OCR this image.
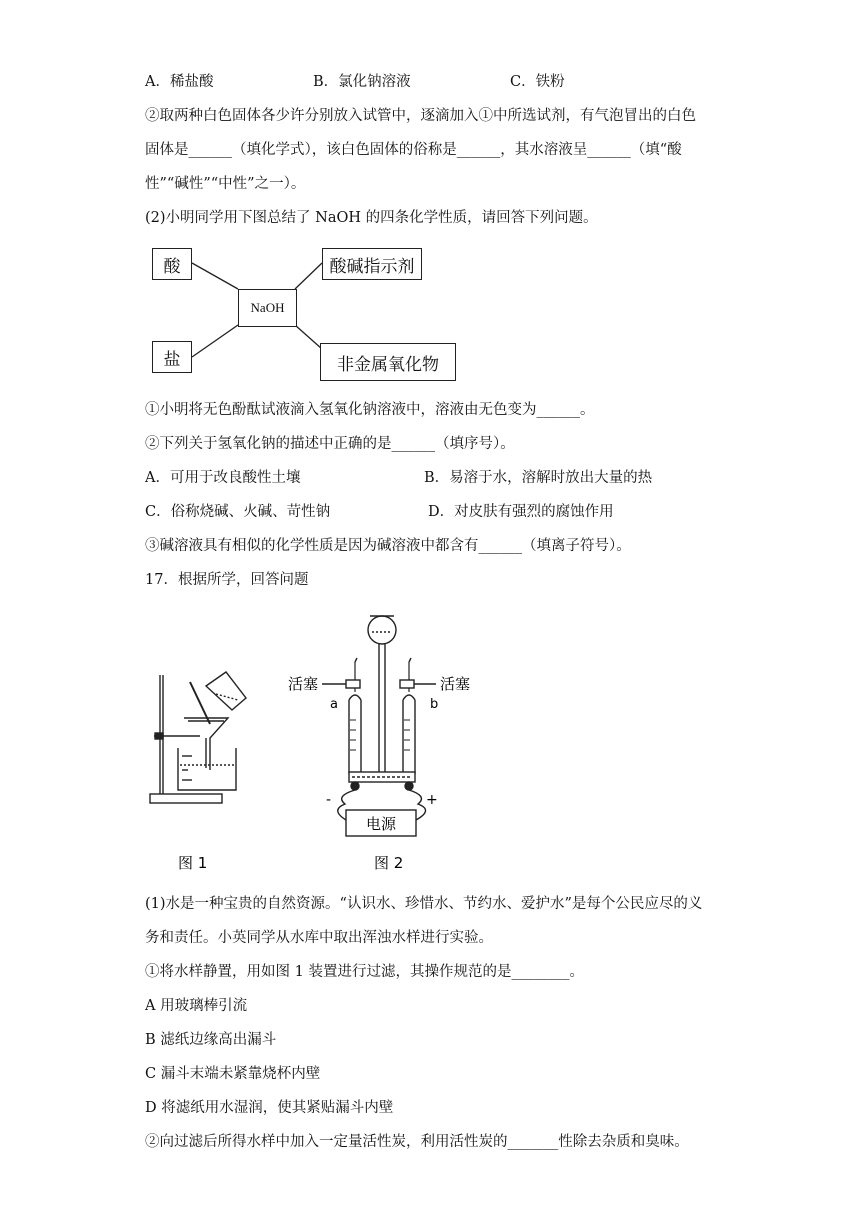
A．稀盐酸	B．氯化钠溶液	C．铁粉
②取两种白色固体各少许分别放入试管中，逐滴加入①中所选试剂，有气泡冒出的白色
固体是______（填化学式），该白色固体的俗称是______，其水溶液呈______（填“酸
性”“碱性”“中性”之一）。
(2)小明同学用下图总结了 NaOH 的四条化学性质，请回答下列问题。
酸	酸碱指示剂
NaOH
盐	非金属氧化物
①小明将无色酚酞试液滴入氢氧化钠溶液中，溶液由无色变为______。
②下列关于氢氧化钠的描述中正确的是______（填序号）。
A．可用于改良酸性土壤	B．易溶于水，溶解时放出大量的热
C．俗称烧碱、火碱、苛性钠	D．对皮肤有强烈的腐蚀作用
③碱溶液具有相似的化学性质是因为碱溶液中都含有______（填离子符号）。
17．根据所学，回答问题
活塞	活塞
a	b
-	+
电源
图 1	图 2
(1)水是一种宝贵的自然资源。“认识水、珍惜水、节约水、爱护水”是每个公民应尽的义
务和责任。小英同学从水库中取出浑浊水样进行实验。
①将水样静置，用如图 1 装置进行过滤，其操作规范的是________。
A 用玻璃棒引流
B 滤纸边缘高出漏斗
C 漏斗末端未紧靠烧杯内壁
D 将滤纸用水湿润，使其紧贴漏斗内壁
②向过滤后所得水样中加入一定量活性炭，利用活性炭的_______性除去杂质和臭味。
